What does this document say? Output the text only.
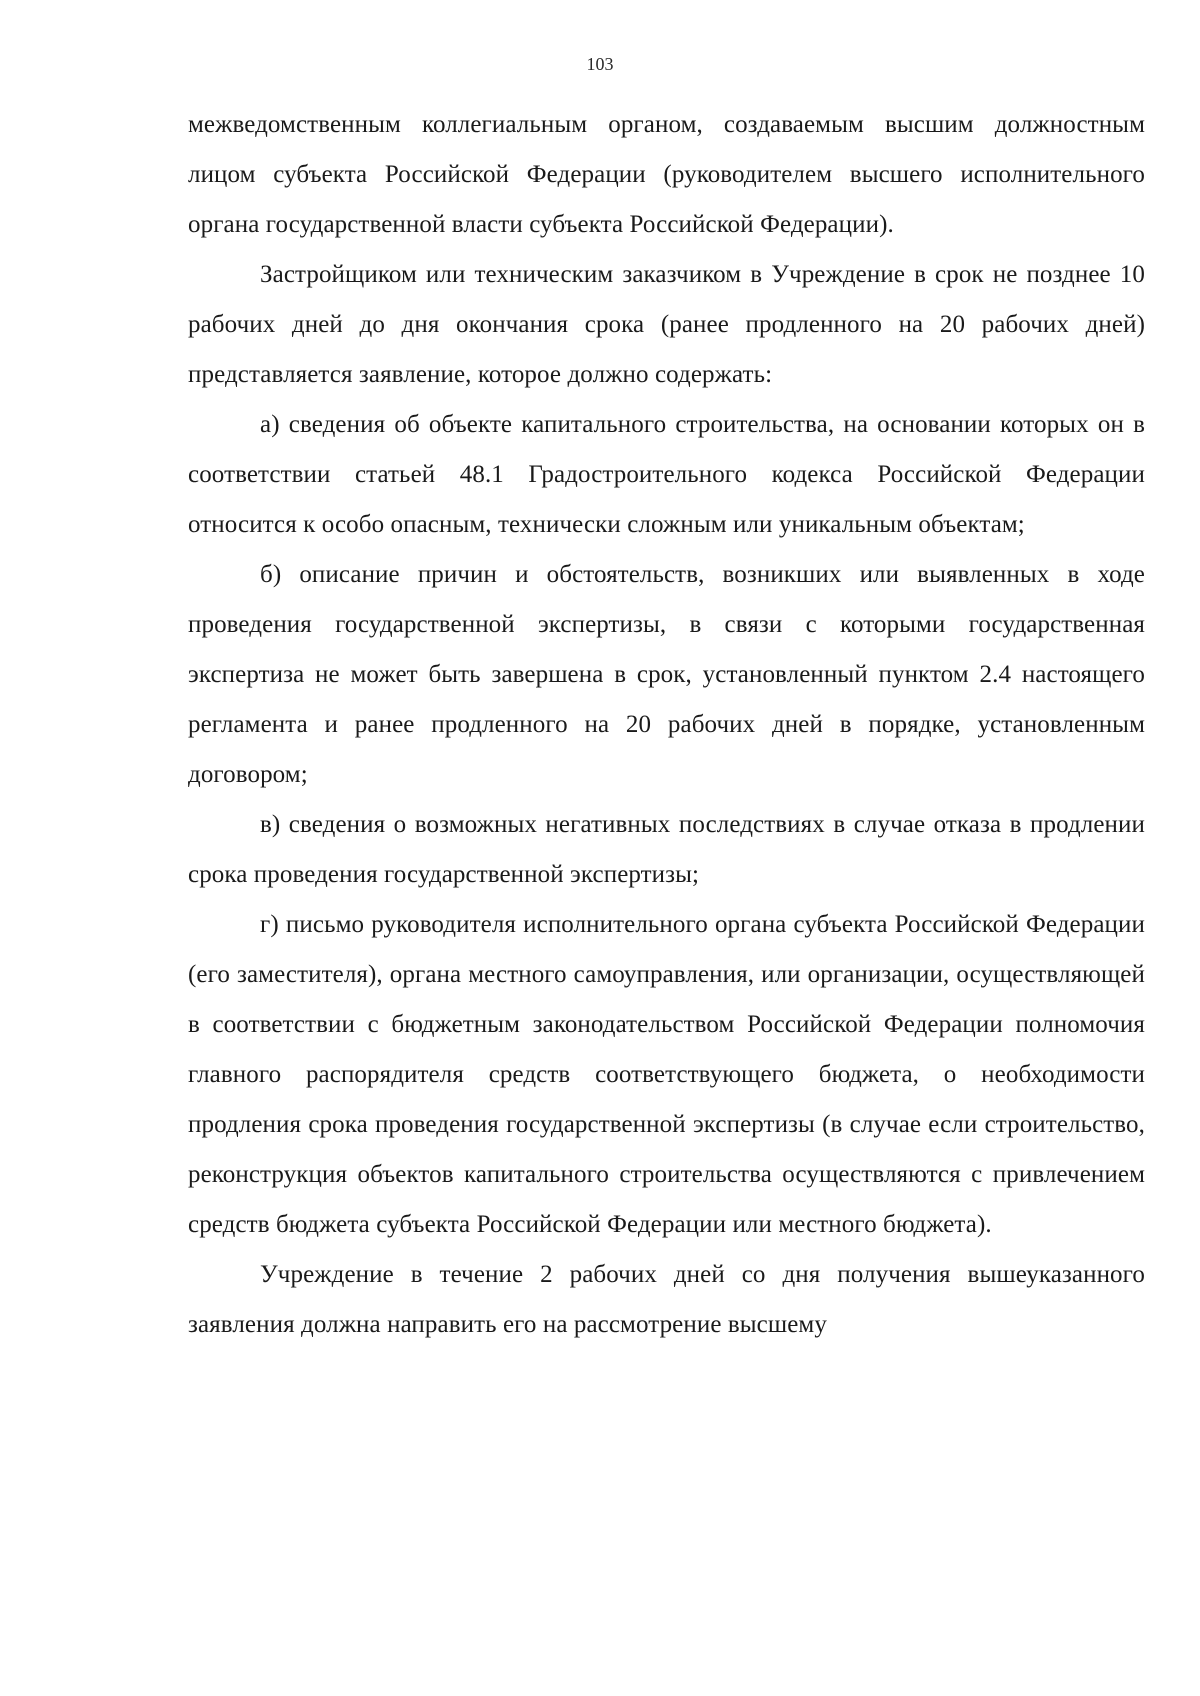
103

межведомственным коллегиальным органом, создаваемым высшим должностным лицом субъекта Российской Федерации (руководителем высшего исполнительного органа государственной власти субъекта Российской Федерации).

Застройщиком или техническим заказчиком в Учреждение в срок не позднее 10 рабочих дней до дня окончания срока (ранее продленного на 20 рабочих дней) представляется заявление, которое должно содержать:

а) сведения об объекте капитального строительства, на основании которых он в соответствии статьей 48.1 Градостроительного кодекса Российской Федерации относится к особо опасным, технически сложным или уникальным объектам;

б) описание причин и обстоятельств, возникших или выявленных в ходе проведения государственной экспертизы, в связи с которыми государственная экспертиза не может быть завершена в срок, установленный пунктом 2.4 настоящего регламента и ранее продленного на 20 рабочих дней в порядке, установленным договором;

в) сведения о возможных негативных последствиях в случае отказа в продлении срока проведения государственной экспертизы;

г) письмо руководителя исполнительного органа субъекта Российской Федерации (его заместителя), органа местного самоуправления, или организации, осуществляющей в соответствии с бюджетным законодательством Российской Федерации полномочия главного распорядителя средств соответствующего бюджета, о необходимости продления срока проведения государственной экспертизы (в случае если строительство, реконструкция объектов капитального строительства осуществляются с привлечением средств бюджета субъекта Российской Федерации или местного бюджета).

Учреждение в течение 2 рабочих дней со дня получения вышеуказанного заявления должна направить его на рассмотрение высшему
